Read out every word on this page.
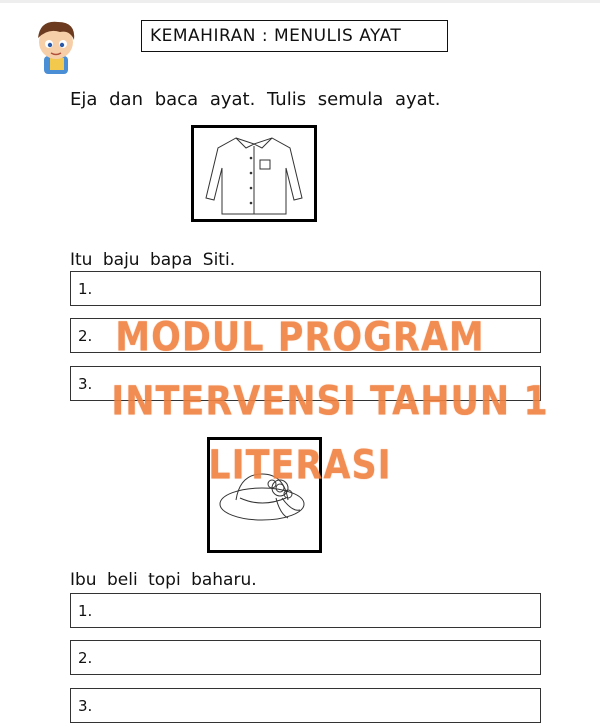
KEMAHIRAN : MENULIS AYAT
Eja dan baca ayat. Tulis semula ayat.
Itu baju bapa Siti.
1.
2.
3.
Ibu beli topi baharu.
1.
2.
3.
MODUL PROGRAM
INTERVENSI TAHUN 1
LITERASI
